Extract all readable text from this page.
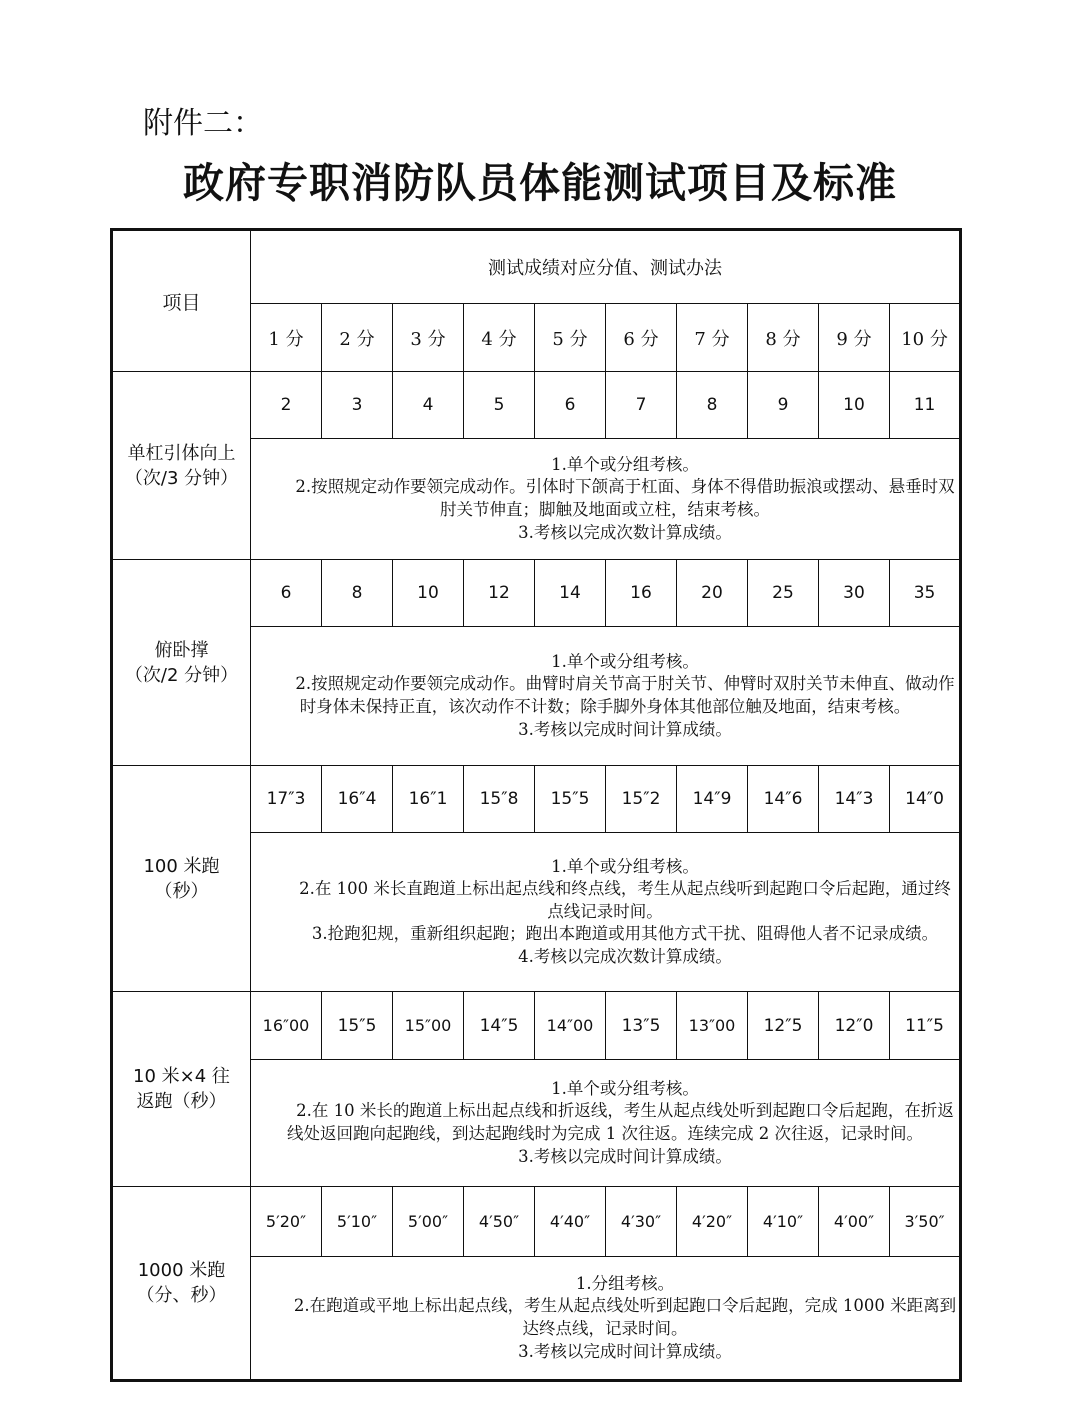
附件二：
政府专职消防队员体能测试项目及标准
项目	测试成绩对应分值、测试办法									
	1 分	2 分	3 分	4 分	5 分	6 分	7 分	8 分	9 分	10 分

单杠引体向上
（次/3 分钟）	2	3	4	5	6	7	8	9	10	11

	1.单个或分组考核。
2.按照规定动作要领完成动作。引体时下颌高于杠面、身体不得借助振浪或摆动、悬垂时双肘关节伸直；脚触及地面或立柱，结束考核。
3.考核以完成次数计算成绩。									

俯卧撑
（次/2 分钟）	6	8	10	12	14	16	20	25	30	35

	1.单个或分组考核。
2.按照规定动作要领完成动作。曲臂时肩关节高于肘关节、伸臂时双肘关节未伸直、做动作时身体未保持正直，该次动作不计数；除手脚外身体其他部位触及地面，结束考核。
3.考核以完成时间计算成绩。									

100 米跑
（秒）	17″3	16″4	16″1	15″8	15″5	15″2	14″9	14″6	14″3	14″0

	1.单个或分组考核。
2.在 100 米长直跑道上标出起点线和终点线，考生从起点线听到起跑口令后起跑，通过终点线记录时间。
3.抢跑犯规，重新组织起跑；跑出本跑道或用其他方式干扰、阻碍他人者不记录成绩。
4.考核以完成次数计算成绩。									

10 米×4 往
返跑（秒）	16″00	15″5	15″00	14″5	14″00	13″5	13″00	12″5	12″0	11″5

	1.单个或分组考核。
2.在 10 米长的跑道上标出起点线和折返线，考生从起点线处听到起跑口令后起跑，在折返线处返回跑向起跑线，到达起跑线时为完成 1 次往返。连续完成 2 次往返，记录时间。
3.考核以完成时间计算成绩。									

1000 米跑
（分、秒）	5′20″	5′10″	5′00″	4′50″	4′40″	4′30″	4′20″	4′10″	4′00″	3′50″

	1.分组考核。
2.在跑道或平地上标出起点线，考生从起点线处听到起跑口令后起跑，完成 1000 米距离到达终点线，记录时间。
3.考核以完成时间计算成绩。									
